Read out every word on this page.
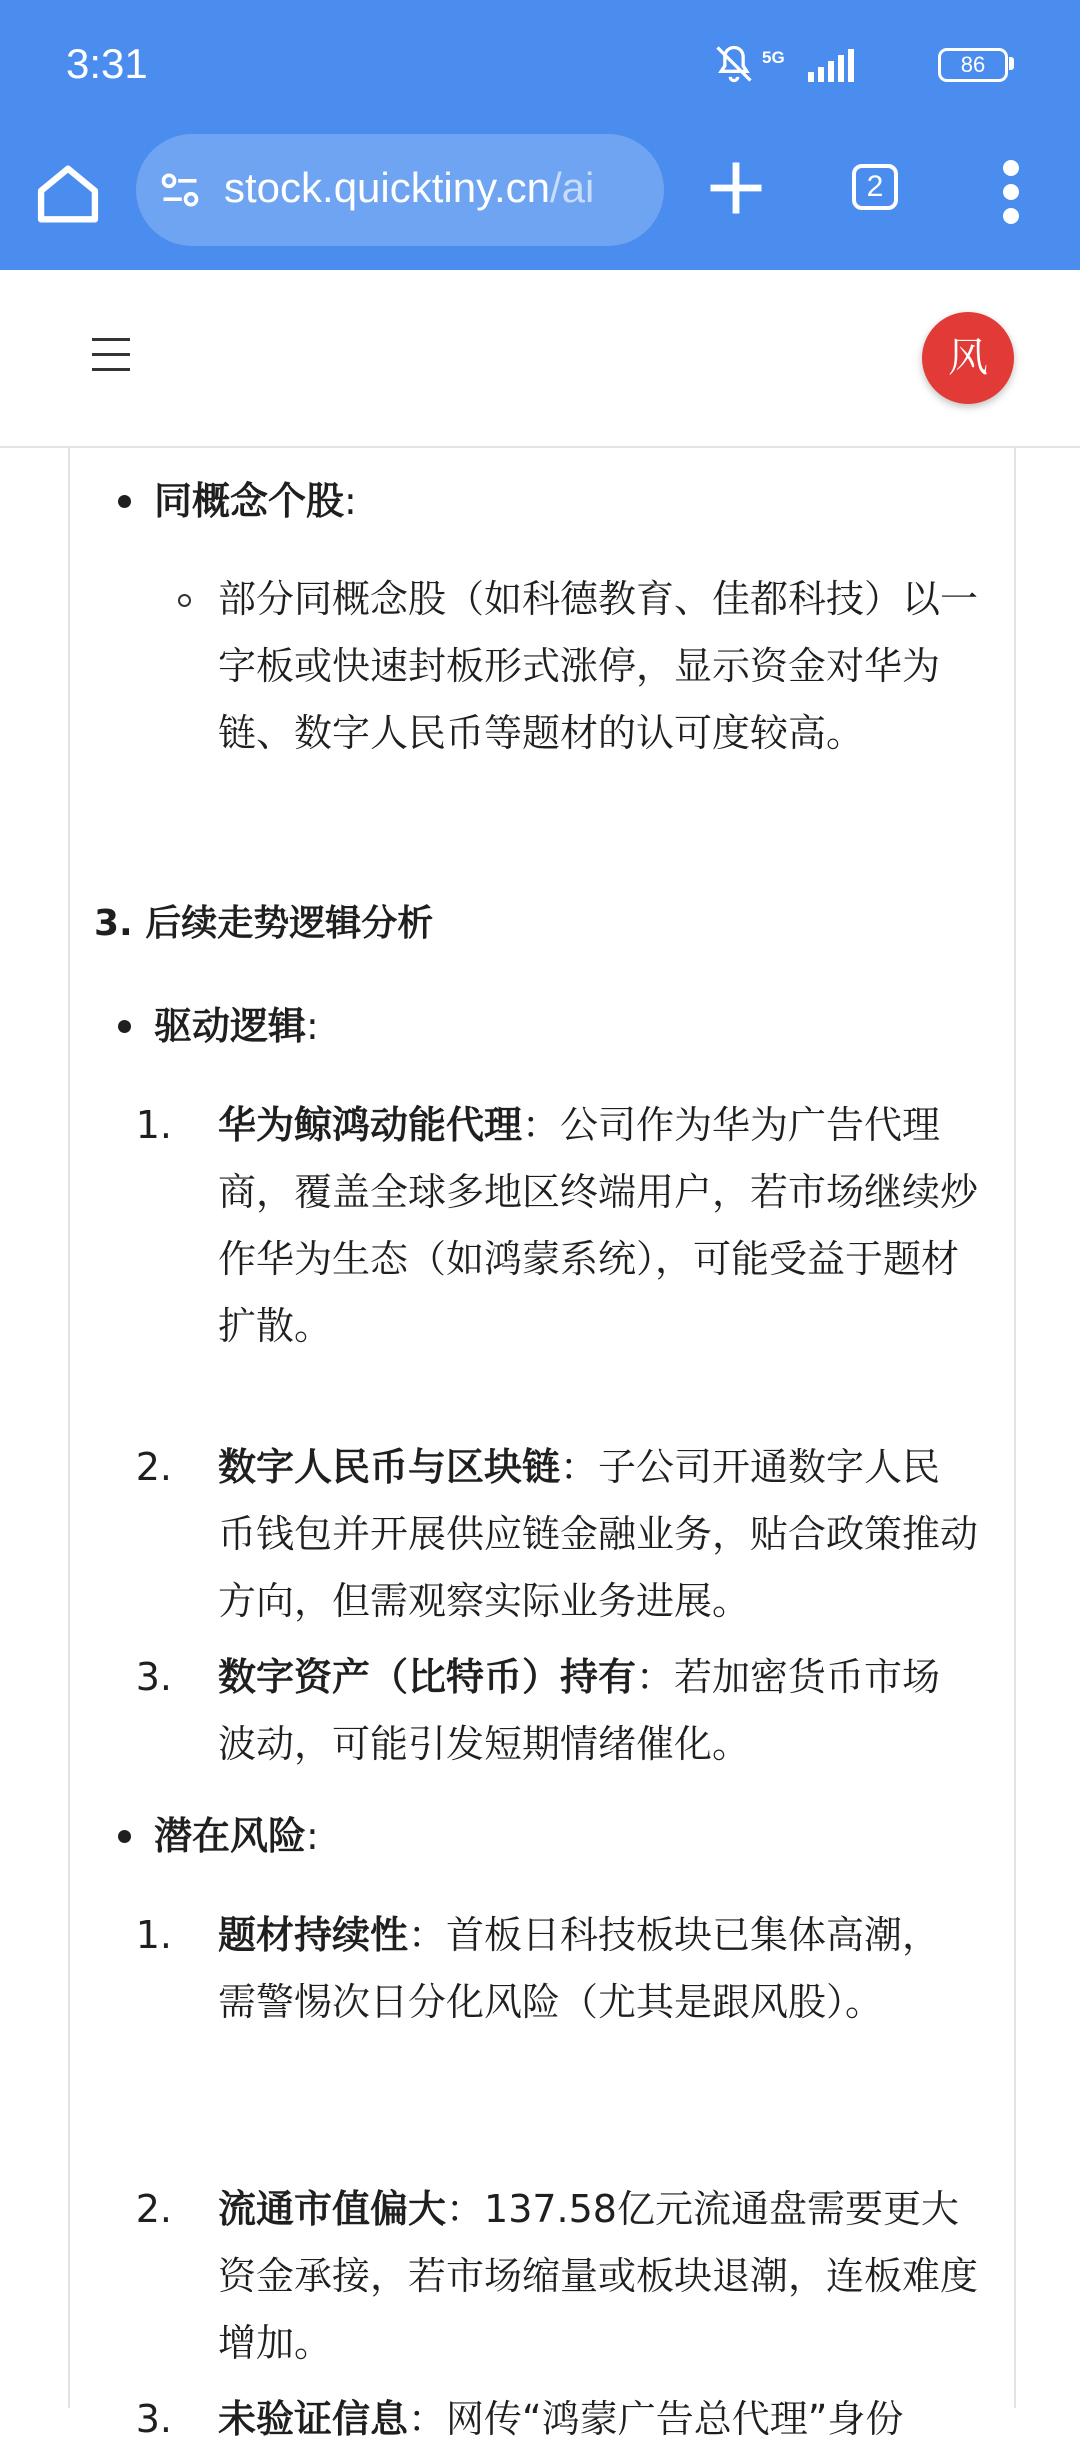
3:31	5G	86
stock.quicktiny.cn/ai	2
风
同概念个股:
部分同概念股（如科德教育、佳都科技）以一字板或快速封板形式涨停，显示资金对华为链、数字人民币等题材的认可度较高。
3. 后续走势逻辑分析
驱动逻辑:
1. 华为鲸鸿动能代理：公司作为华为广告代理商，覆盖全球多地区终端用户，若市场继续炒作华为生态（如鸿蒙系统），可能受益于题材扩散。
2. 数字人民币与区块链：子公司开通数字人民币钱包并开展供应链金融业务，贴合政策推动方向，但需观察实际业务进展。
3. 数字资产（比特币）持有：若加密货币市场波动，可能引发短期情绪催化。
潜在风险:
1. 题材持续性：首板日科技板块已集体高潮，需警惕次日分化风险（尤其是跟风股）。
2. 流通市值偏大：137.58亿元流通盘需要更大资金承接，若市场缩量或板块退潮，连板难度增加。
3. 未验证信息：网传“鸿蒙广告总代理”身份
